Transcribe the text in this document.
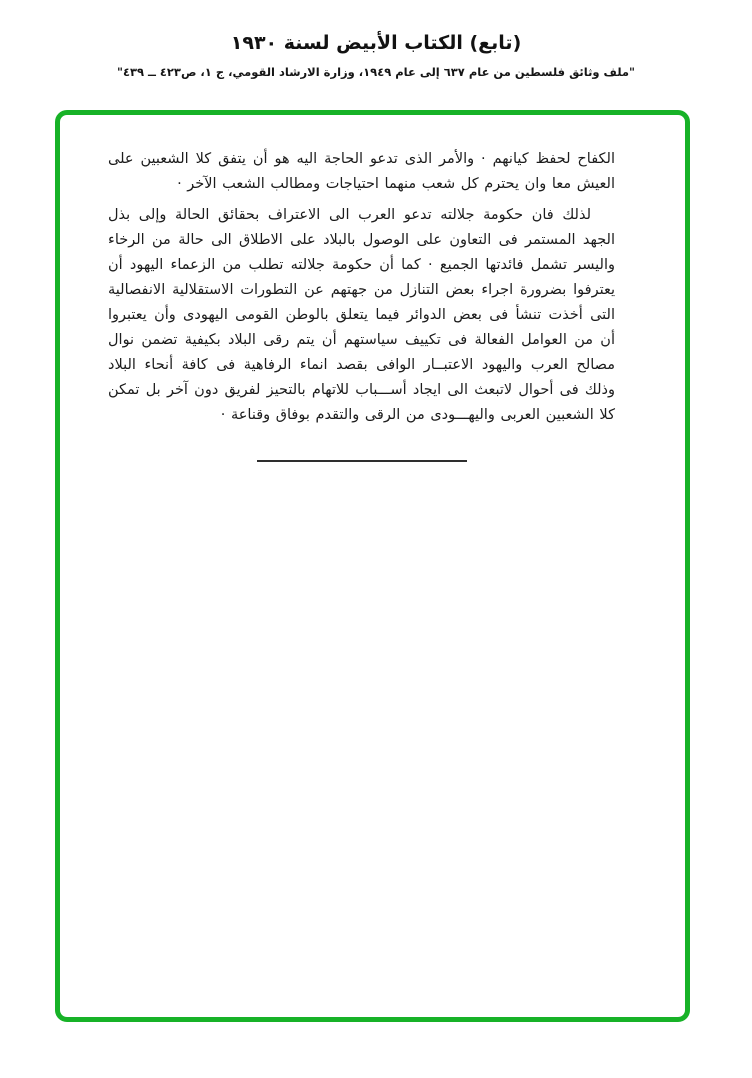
(تابع) الكتاب الأبيض لسنة ١٩٣٠
"ملف وثائق فلسطين من عام ٦٣٧ إلى عام ١٩٤٩، وزارة الارشاد القومي، ج ١، ص٤٢٣ ــ ٤٣٩"

الكفاح لحفظ كيانهم · والأمر الذى تدعو الحاجة اليه هو أن يتفق كلا الشعبين على العيش معا وان يحترم كل شعب منهما احتياجات ومطالب الشعب الآخر ·

لذلك فان حكومة جلالته تدعو العرب الى الاعتراف بحقائق الحالة وإلى بذل الجهد المستمر فى التعاون على الوصول بالبلاد على الاطلاق الى حالة من الرخاء واليسر تشمل فائدتها الجميع · كما أن حكومة جلالته تطلب من الزعماء اليهود أن يعترفوا بضرورة اجراء بعض التنازل من جهتهم عن التطورات الاستقلالية الانفصالية التى أخذت تنشأ فى بعض الدوائر فيما يتعلق بالوطن القومى اليهودى وأن يعتبروا أن من العوامل الفعالة فى تكييف سياستهم أن يتم رقى البلاد بكيفية تضمن نوال مصالح العرب واليهود الاعتبــار الوافى بقصد انماء الرفاهية فى كافة أنحاء البلاد وذلك فى أحوال لاتبعث الى ايجاد أســـباب للاتهام بالتحيز لفريق دون آخر بل تمكن كلا الشعبين العربى واليهـــودى من الرقى والتقدم بوفاق وقناعة ·
